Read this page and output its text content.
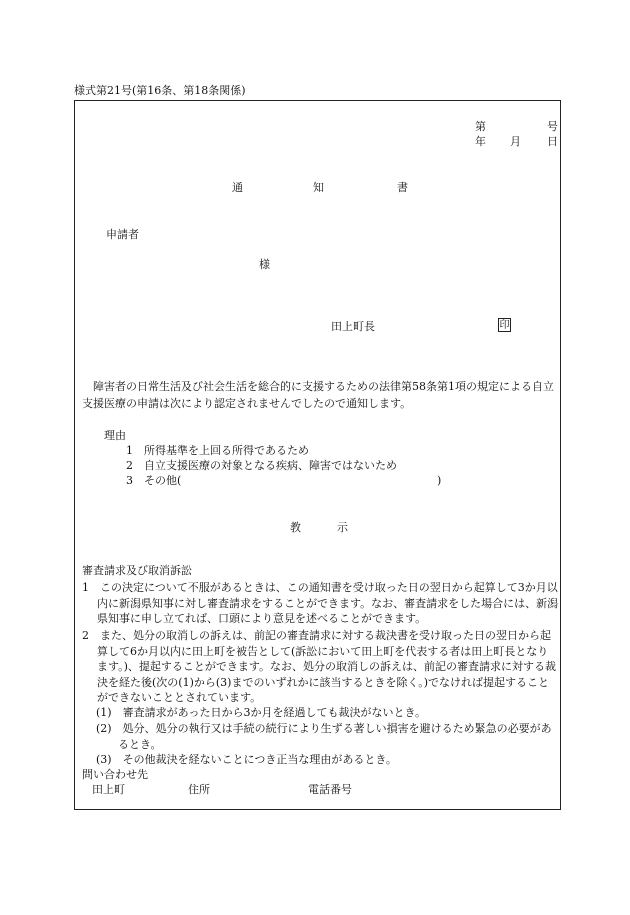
様式第21号(第16条、第18条関係)
第	号
年 月 日
通	知	書
申請者
様
田上町長	印
障害者の日常生活及び社会生活を総合的に支援するための法律第58条第1項の規定による自立支援医療の申請は次により認定されませんでしたので通知します。
理由
1　所得基準を上回る所得であるため
2　自立支援医療の対象となる疾病、障害ではないため
3　その他(	)
教	示
審査請求及び取消訴訟
1　この決定について不服があるときは、この通知書を受け取った日の翌日から起算して3か月以内に新潟県知事に対し審査請求をすることができます。なお、審査請求をした場合には、新潟県知事に申し立てれば、口頭により意見を述べることができます。
2　また、処分の取消しの訴えは、前記の審査請求に対する裁決書を受け取った日の翌日から起算して6か月以内に田上町を被告として(訴訟において田上町を代表する者は田上町長となります。)、提起することができます。なお、処分の取消しの訴えは、前記の審査請求に対する裁決を経た後(次の(1)から(3)までのいずれかに該当するときを除く。)でなければ提起することができないこととされています。
(1)　審査請求があった日から3か月を経過しても裁決がないとき。
(2)　処分、処分の執行又は手続の続行により生ずる著しい損害を避けるため緊急の必要があるとき。
(3)　その他裁決を経ないことにつき正当な理由があるとき。
問い合わせ先
田上町	住所	電話番号
